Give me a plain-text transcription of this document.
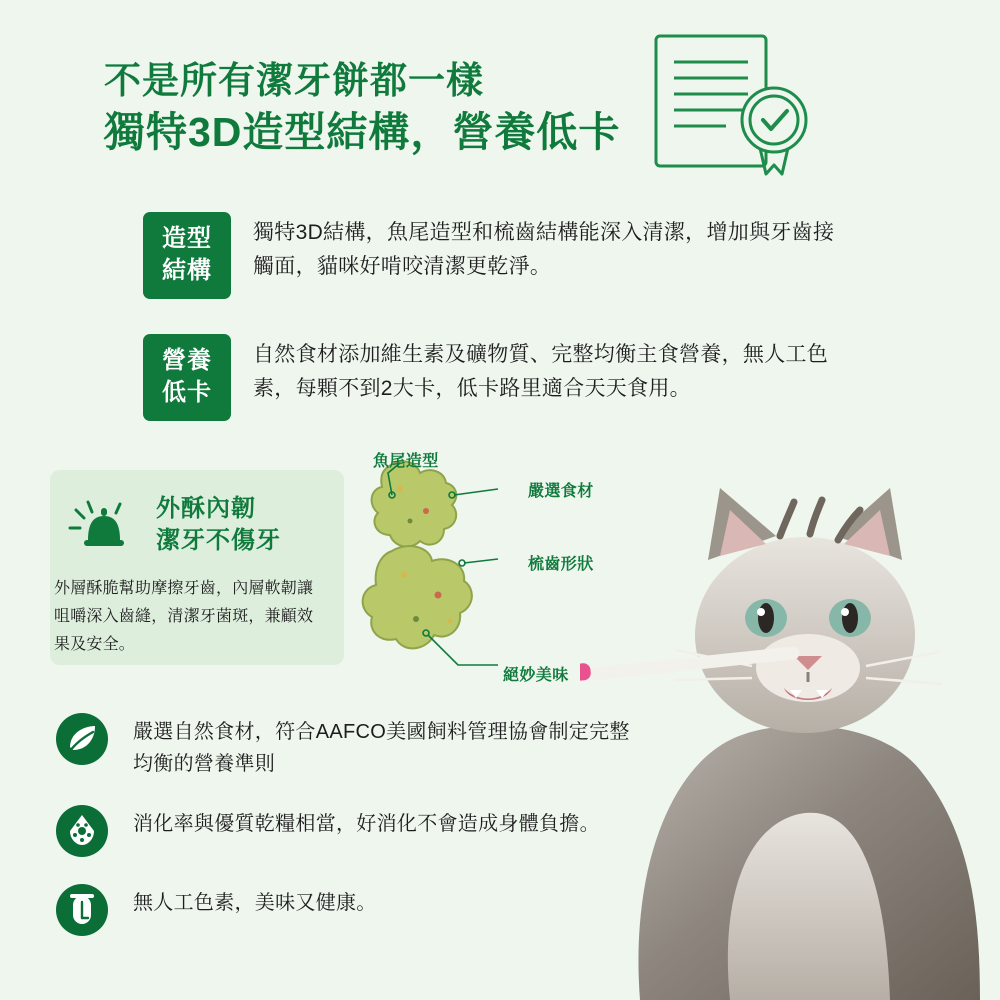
不是所有潔牙餅都一樣
獨特3D造型結構，營養低卡
造型
結構
獨特3D結構，魚尾造型和梳齒結構能深入清潔，增加與牙齒接觸面，貓咪好啃咬清潔更乾淨。
營養
低卡
自然食材添加維生素及礦物質、完整均衡主食營養，無人工色素，每顆不到2大卡，低卡路里適合天天食用。
外酥內韌
潔牙不傷牙
外層酥脆幫助摩擦牙齒，內層軟韌讓咀嚼深入齒縫，清潔牙菌斑，兼顧效果及安全。
魚尾造型
嚴選食材
梳齒形狀
絕妙美味
嚴選自然食材，符合AAFCO美國飼料管理協會制定完整均衡的營養準則
消化率與優質乾糧相當，好消化不會造成身體負擔。
無人工色素，美味又健康。
